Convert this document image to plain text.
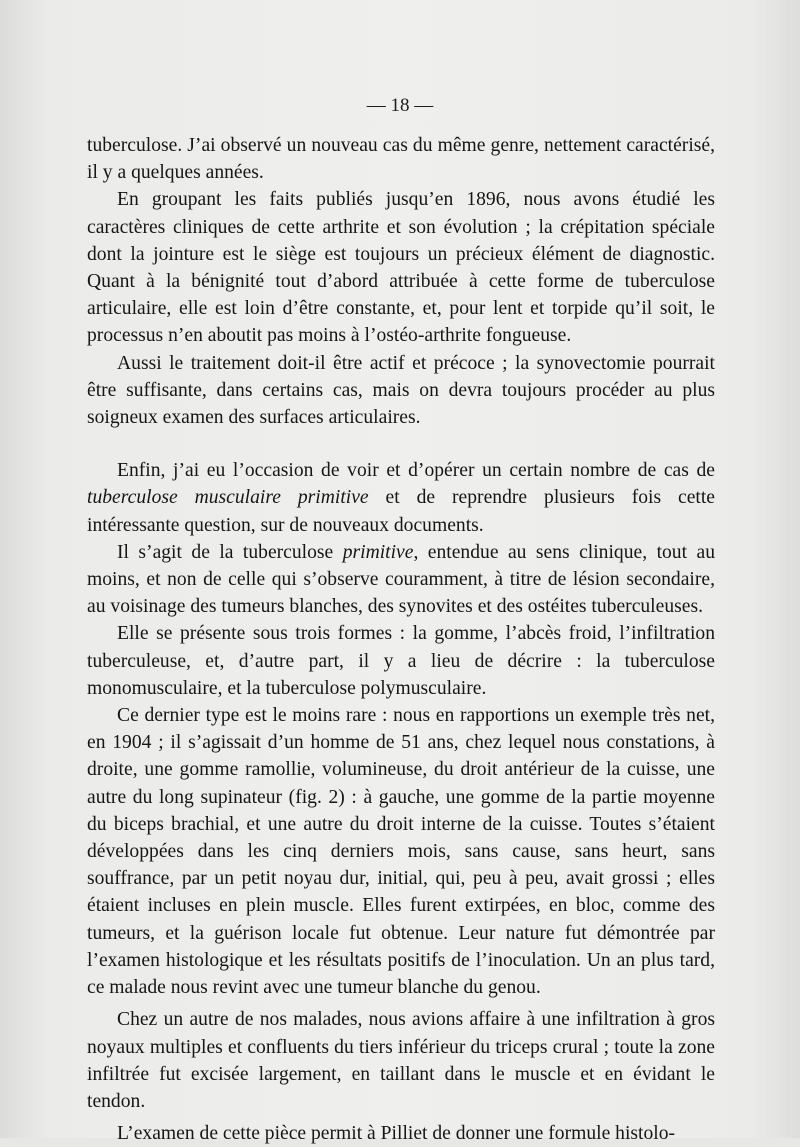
— 18 —

tuberculose. J’ai observé un nouveau cas du même genre, nettement caractérisé, il y a quelques années.

En groupant les faits publiés jusqu’en 1896, nous avons étudié les caractères cliniques de cette arthrite et son évolution ; la crépitation spéciale dont la jointure est le siège est toujours un précieux élément de diagnostic. Quant à la bénignité tout d’abord attribuée à cette forme de tuberculose articulaire, elle est loin d’être constante, et, pour lent et torpide qu’il soit, le processus n’en aboutit pas moins à l’ostéo-arthrite fongueuse.

Aussi le traitement doit-il être actif et précoce ; la synovectomie pourrait être suffisante, dans certains cas, mais on devra toujours procéder au plus soigneux examen des surfaces articulaires.

Enfin, j’ai eu l’occasion de voir et d’opérer un certain nombre de cas de tuberculose musculaire primitive et de reprendre plusieurs fois cette intéressante question, sur de nouveaux documents.

Il s’agit de la tuberculose primitive, entendue au sens clinique, tout au moins, et non de celle qui s’observe couramment, à titre de lésion secondaire, au voisinage des tumeurs blanches, des synovites et des ostéites tuberculeuses.

Elle se présente sous trois formes : la gomme, l’abcès froid, l’infiltration tuberculeuse, et, d’autre part, il y a lieu de décrire : la tuberculose monomusculaire, et la tuberculose polymusculaire.

Ce dernier type est le moins rare : nous en rapportions un exemple très net, en 1904 ; il s’agissait d’un homme de 51 ans, chez lequel nous constations, à droite, une gomme ramollie, volumineuse, du droit antérieur de la cuisse, une autre du long supinateur (fig. 2) : à gauche, une gomme de la partie moyenne du biceps brachial, et une autre du droit interne de la cuisse. Toutes s’étaient développées dans les cinq derniers mois, sans cause, sans heurt, sans souffrance, par un petit noyau dur, initial, qui, peu à peu, avait grossi ; elles étaient incluses en plein muscle. Elles furent extirpées, en bloc, comme des tumeurs, et la guérison locale fut obtenue. Leur nature fut démontrée par l’examen histologique et les résultats positifs de l’inoculation. Un an plus tard, ce malade nous revint avec une tumeur blanche du genou.

Chez un autre de nos malades, nous avions affaire à une infiltration à gros noyaux multiples et confluents du tiers inférieur du triceps crural ; toute la zone infiltrée fut excisée largement, en taillant dans le muscle et en évidant le tendon.

L’examen de cette pièce permit à Pilliet de donner une formule histolo-
